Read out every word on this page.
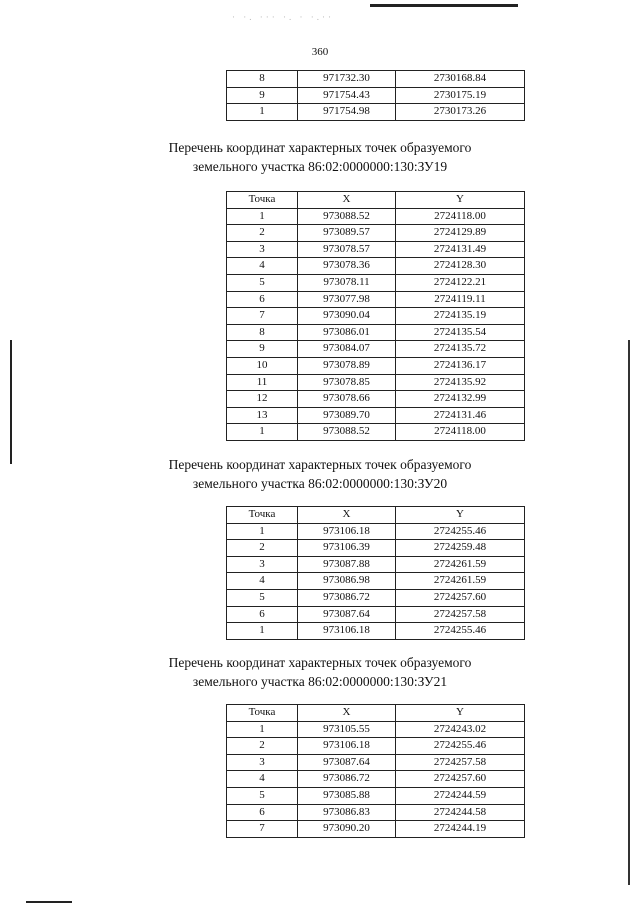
· ·. ··· ·. · ·.··
360
8	971732.30	2730168.84
9	971754.43	2730175.19
1	971754.98	2730173.26
Перечень координат характерных точек образуемого
земельного участка 86:02:0000000:130:ЗУ19
Точка	X	Y
1	973088.52	2724118.00
2	973089.57	2724129.89
3	973078.57	2724131.49
4	973078.36	2724128.30
5	973078.11	2724122.21
6	973077.98	2724119.11
7	973090.04	2724135.19
8	973086.01	2724135.54
9	973084.07	2724135.72
10	973078.89	2724136.17
11	973078.85	2724135.92
12	973078.66	2724132.99
13	973089.70	2724131.46
1	973088.52	2724118.00
Перечень координат характерных точек образуемого
земельного участка 86:02:0000000:130:ЗУ20
Точка	X	Y
1	973106.18	2724255.46
2	973106.39	2724259.48
3	973087.88	2724261.59
4	973086.98	2724261.59
5	973086.72	2724257.60
6	973087.64	2724257.58
1	973106.18	2724255.46
Перечень координат характерных точек образуемого
земельного участка 86:02:0000000:130:ЗУ21
Точка	X	Y
1	973105.55	2724243.02
2	973106.18	2724255.46
3	973087.64	2724257.58
4	973086.72	2724257.60
5	973085.88	2724244.59
6	973086.83	2724244.58
7	973090.20	2724244.19
